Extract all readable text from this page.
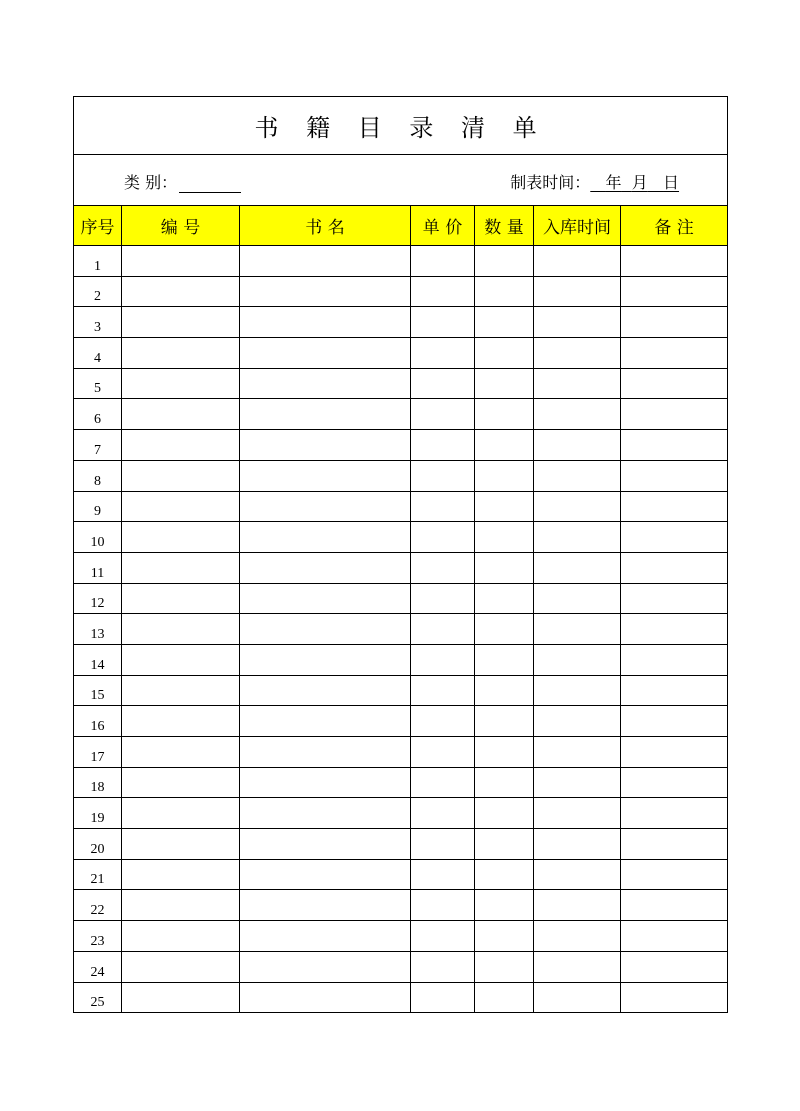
书 籍 目 录 清 单						

类 别： 制表时间： 年 月 日						

序号	编 号	书 名	单 价	数 量	入库时间	备 注
1						
2						
3						
4						
5						
6						
7						
8						
9						
10						
11						
12						
13						
14						
15						
16						
17						
18						
19						
20						
21						
22						
23						
24						
25						
